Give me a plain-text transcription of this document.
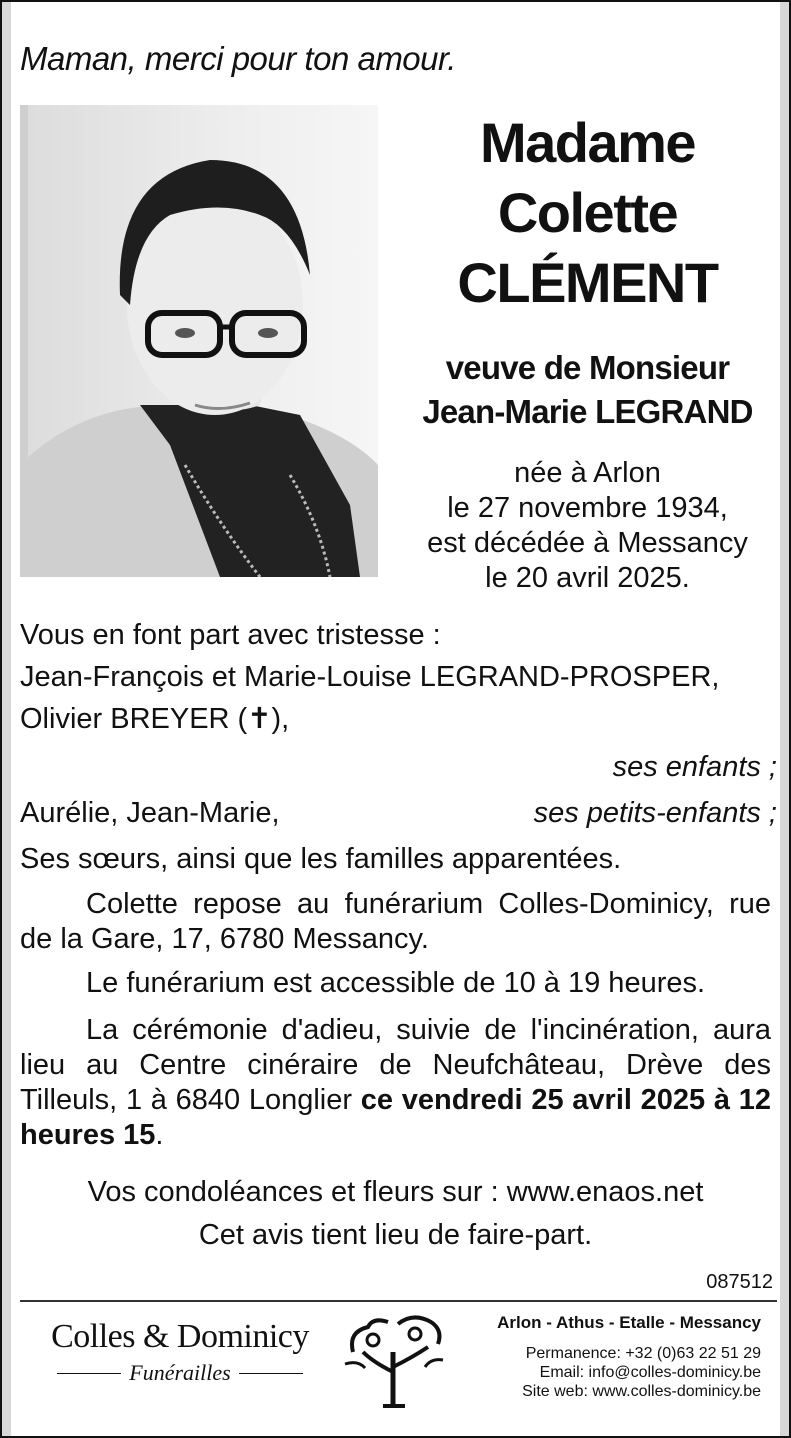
Maman, merci pour ton amour.
Madame
Colette
CLÉMENT
veuve de Monsieur
Jean-Marie LEGRAND
née à Arlon
le 27 novembre 1934,
est décédée à Messancy
le 20 avril 2025.
Vous en font part avec tristesse :
Jean-François et Marie-Louise LEGRAND-PROSPER,
Olivier BREYER (✝),
ses enfants ;
Aurélie, Jean-Marie,	ses petits-enfants ;
Ses sœurs, ainsi que les familles apparentées.
Colette repose au funérarium Colles-Dominicy, rue de la Gare, 17, 6780 Messancy.
Le funérarium est accessible de 10 à 19 heures.
La cérémonie d'adieu, suivie de l'incinération, aura lieu au Centre cinéraire de Neufchâteau, Drève des Tilleuls, 1 à 6840 Longlier ce vendredi 25 avril 2025 à 12 heures 15.
Vos condoléances et fleurs sur : www.enaos.net
Cet avis tient lieu de faire-part.
087512
Colles & Dominicy
Funérailles
Arlon - Athus - Etalle - Messancy
Permanence: +32 (0)63 22 51 29
Email: info@colles-dominicy.be
Site web: www.colles-dominicy.be
